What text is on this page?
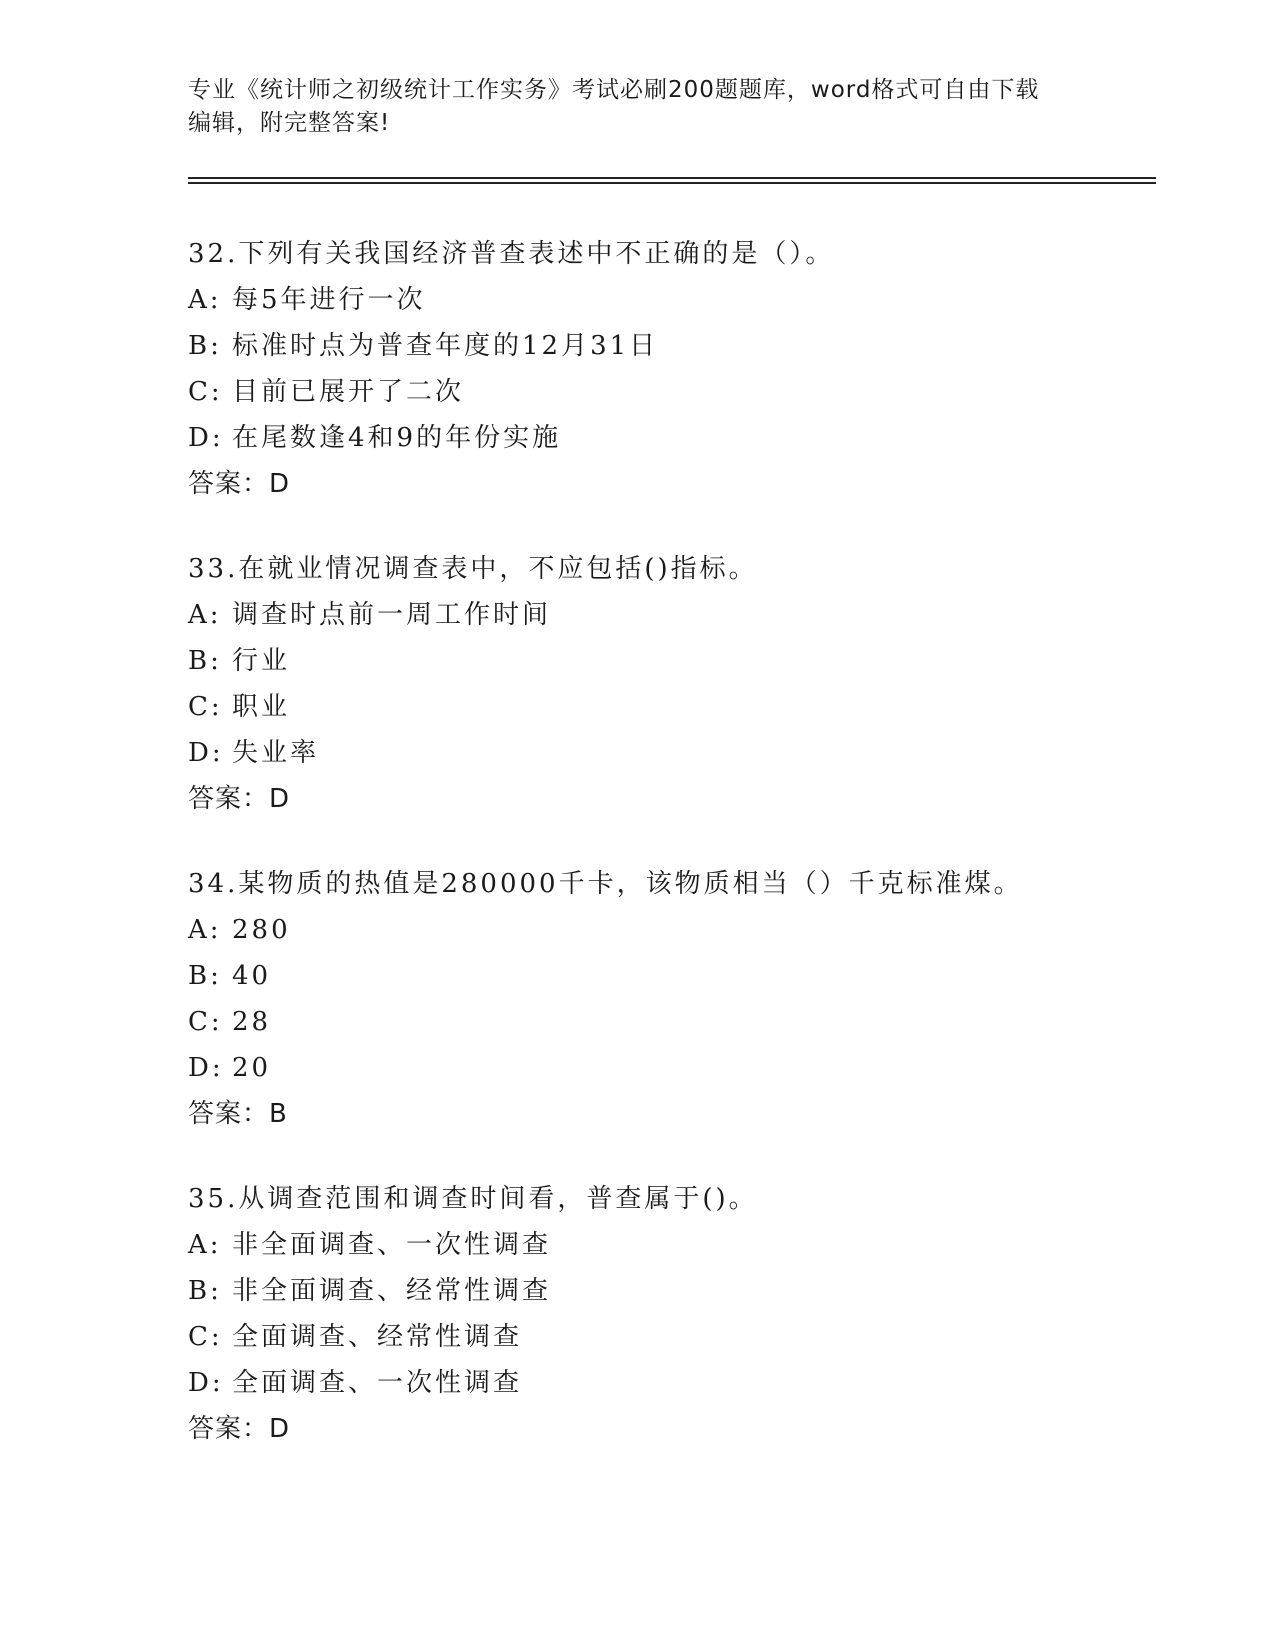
专业《统计师之初级统计工作实务》考试必刷200题题库，word格式可自由下载
编辑，附完整答案!
32.下列有关我国经济普查表述中不正确的是（）。
A: 每5年进行一次
B: 标准时点为普查年度的12月31日
C: 目前已展开了二次
D: 在尾数逢4和9的年份实施
答案：D
33.在就业情况调查表中，不应包括()指标。
A: 调查时点前一周工作时间
B: 行业
C: 职业
D: 失业率
答案：D
34.某物质的热值是280000千卡，该物质相当（）千克标准煤。
A: 280
B: 40
C: 28
D: 20
答案：B
35.从调查范围和调查时间看，普查属于()。
A: 非全面调查、一次性调查
B: 非全面调查、经常性调查
C: 全面调查、经常性调查
D: 全面调查、一次性调查
答案：D
